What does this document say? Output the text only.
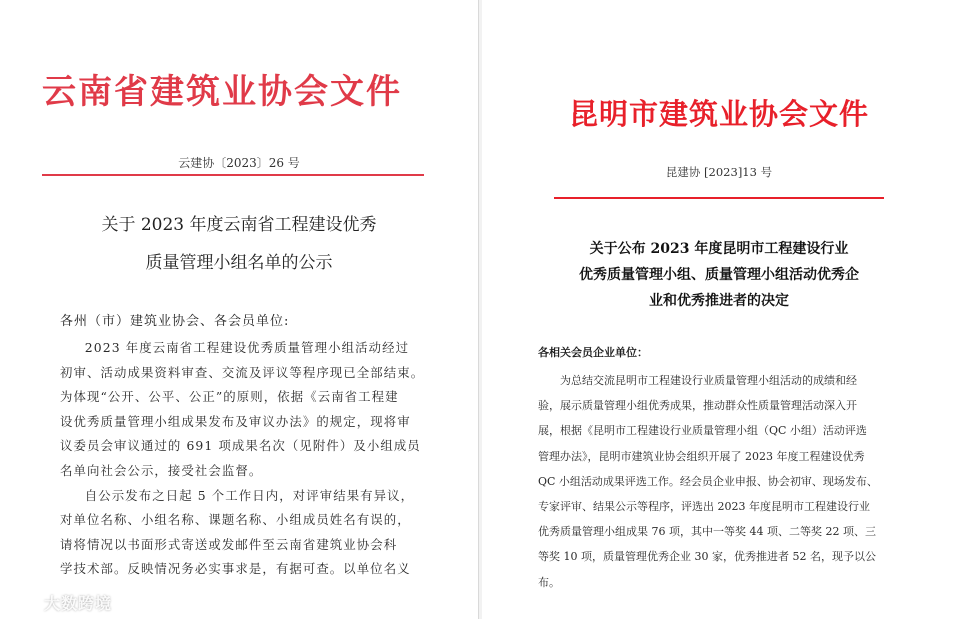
云南省建筑业协会文件
云建协〔2023〕26 号
关于 2023 年度云南省工程建设优秀
质量管理小组名单的公示
各州（市）建筑业协会、各会员单位:
2023 年度云南省工程建设优秀质量管理小组活动经过
初审、活动成果资料审查、交流及评议等程序现已全部结束。
为体现“公开、公平、公正”的原则，依据《云南省工程建
设优秀质量管理小组成果发布及审议办法》的规定，现将审
议委员会审议通过的 691 项成果名次（见附件）及小组成员
名单向社会公示，接受社会监督。
自公示发布之日起 5 个工作日内，对评审结果有异议，
对单位名称、小组名称、课题名称、小组成员姓名有误的，
请将情况以书面形式寄送或发邮件至云南省建筑业协会科
学技术部。反映情况务必实事求是，有据可查。以单位名义
昆明市建筑业协会文件
昆建协 [2023]13 号
关于公布 2023 年度昆明市工程建设行业
优秀质量管理小组、质量管理小组活动优秀企
业和优秀推进者的决定
各相关会员企业单位：
为总结交流昆明市工程建设行业质量管理小组活动的成绩和经
验，展示质量管理小组优秀成果，推动群众性质量管理活动深入开
展，根据《昆明市工程建设行业质量管理小组（QC 小组）活动评选
管理办法》，昆明市建筑业协会组织开展了 2023 年度工程建设优秀
QC 小组活动成果评选工作。经会员企业申报、协会初审、现场发布、
专家评审、结果公示等程序，评选出 2023 年度昆明市工程建设行业
优秀质量管理小组成果 76 项，其中一等奖 44 项、二等奖 22 项、三
等奖 10 项，质量管理优秀企业 30 家，优秀推进者 52 名，现予以公
布。
大数跨境
